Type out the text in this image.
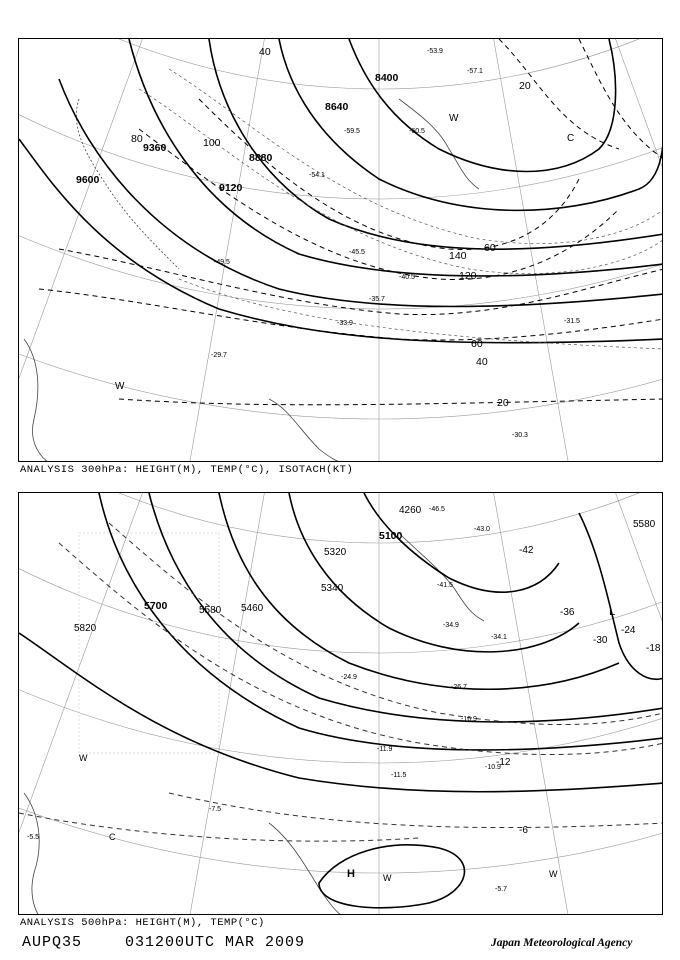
8400
8640
8880
9120
9360
9600
20
40
60
80	100
120
140
60
40
20
-53.9
-57.1
-59.5	-60.5
-54.1
-49.5
-45.5
-40.5
-35.7
-33.9	-31.5
-29.7
-30.3
W
C
W
ANALYSIS 300hPa: HEIGHT(M), TEMP(°C), ISOTACH(KT)
4260
5100
5320
5340
5460
5580
5700
5820
5580
-42
-36
-30
-24
-18
-12
-6
-46.5
-43.0
-41.5
-34.9
-34.1
-26.7
-24.9
-16.9
-11.9
-11.5
-10.9
-7.5
-5.7
-5.5
H
L
W	W
C
W
ANALYSIS 500hPa: HEIGHT(M), TEMP(°C)
AUPQ35	031200UTC MAR 2009	Japan Meteorological Agency
